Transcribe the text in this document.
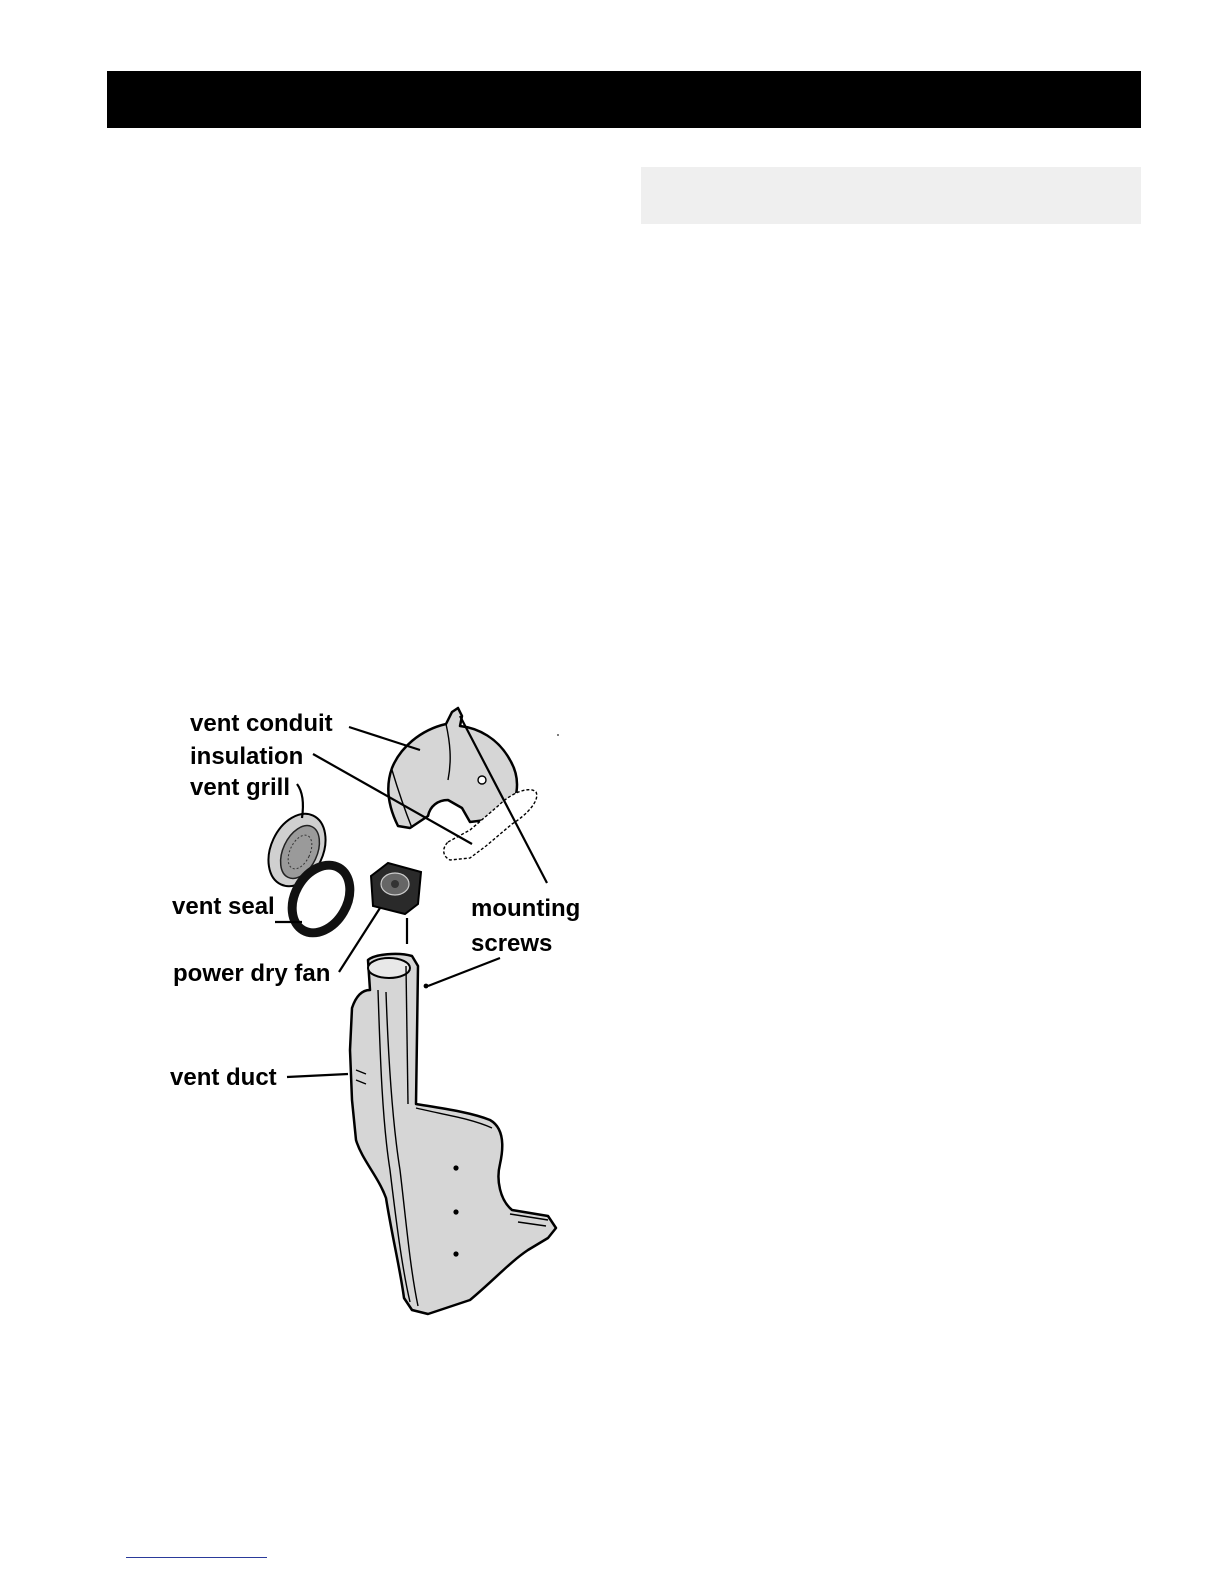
vent conduit
insulation
vent grill
vent seal	mounting
screws
power dry fan
vent duct
